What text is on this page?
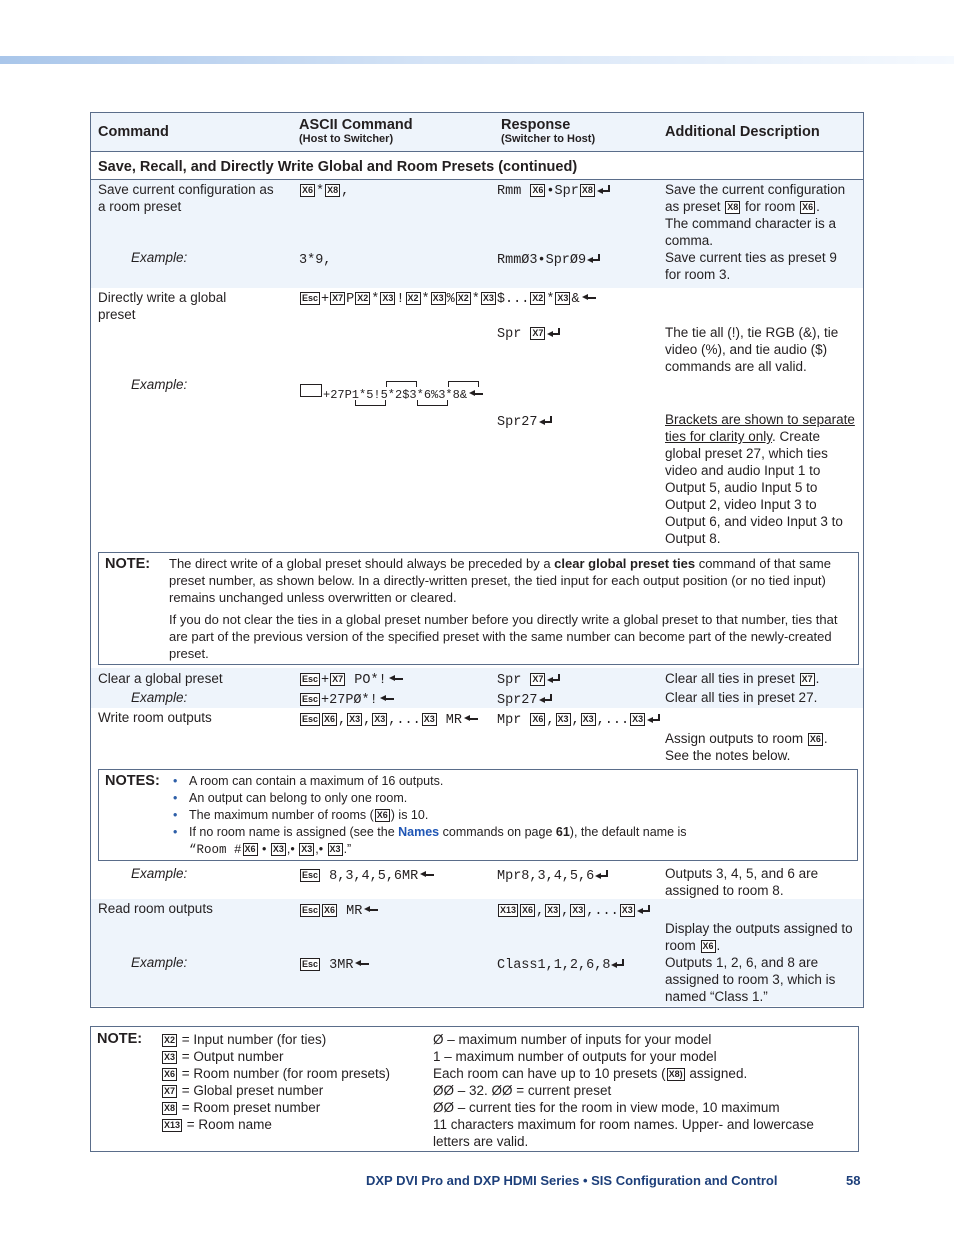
Command	ASCII Command
(Host to Switcher)
Response
(Switcher to Host)	Additional Description
Save, Recall, and Directly Write Global and Room Presets (continued)
Save current configuration as a room preset
X6 * X8 ,	Rmm X6 •Spr X8	Save the current configuration as preset X8 for room X6 .
The command character is a comma.
Example:	3*9,	RmmØ3•SprØ9	Save current ties as preset 9 for room 3.
Directly write a global preset
Esc + X7 P X2 * X3 ! X2 * X3 % X2 * X3 $... X2 * X3 &
Spr X7	The tie all (!), tie RGB (&), tie video (%), and tie audio ($) commands are all valid.
Example:
+27P1*5!5*2$3*6%3*8&
Spr27	Brackets are shown to separate ties for clarity only. Create global preset 27, which ties video and audio Input 1 to Output 5, audio Input 5 to Output 2, video Input 3 to Output 6, and video Input 3 to Output 8.
NOTE: The direct write of a global preset should always be preceded by a clear global preset ties command of that same preset number, as shown below. In a directly-written preset, the tied input for each output position (or no tied input) remains unchanged unless overwritten or cleared.
If you do not clear the ties in a global preset number before you directly write a global preset to that number, ties that are part of the previous version of the specified preset with the same number can become part of the newly-created preset.
Clear a global preset	Esc + X7 PO*!	Spr X7	Clear all ties in preset X7 .
Example:	Esc +27PØ*!	Spr27	Clear all ties in preset 27.
Write room outputs	Esc X6 , X3 , X3 ,... X3 MR	Mpr X6 , X3 , X3 ,... X3
Assign outputs to room X6 .
See the notes below.
NOTES:
•	A room can contain a maximum of 16 outputs.
• An output can belong to only one room.
• The maximum number of rooms ( X6 ) is 10.
• If no room name is assigned (see the Names commands on page 61), the default name is
“Room # X6 • X3 ,• X3 ,• X3 .”
Example:	Esc 8,3,4,5,6MR	Mpr8,3,4,5,6	Outputs 3, 4, 5, and 6 are assigned to room 8.
Read room outputs	Esc X6 MR	X13 X6 , X3 , X3 ,... X3
Display the outputs assigned to room X6 .
Example:	Esc 3MR	Class1,1,2,6,8	Outputs 1, 2, 6, and 8 are assigned to room 3, which is named “Class 1.”
NOTE:	X2 = Input number (for ties)
X3 = Output number
X6 = Room number (for room presets)
X7 = Global preset number
X8 = Room preset number
X13 = Room name
Ø – maximum number of inputs for your model
1 – maximum number of outputs for your model
Each room can have up to 10 presets ( X8) assigned.
ØØ – 32. ØØ = current preset
ØØ – current ties for the room in view mode, 10 maximum
11 characters maximum for room names. Upper- and lowercase letters are valid.
DXP DVI Pro and DXP HDMI Series • SIS Configuration and Control	58
